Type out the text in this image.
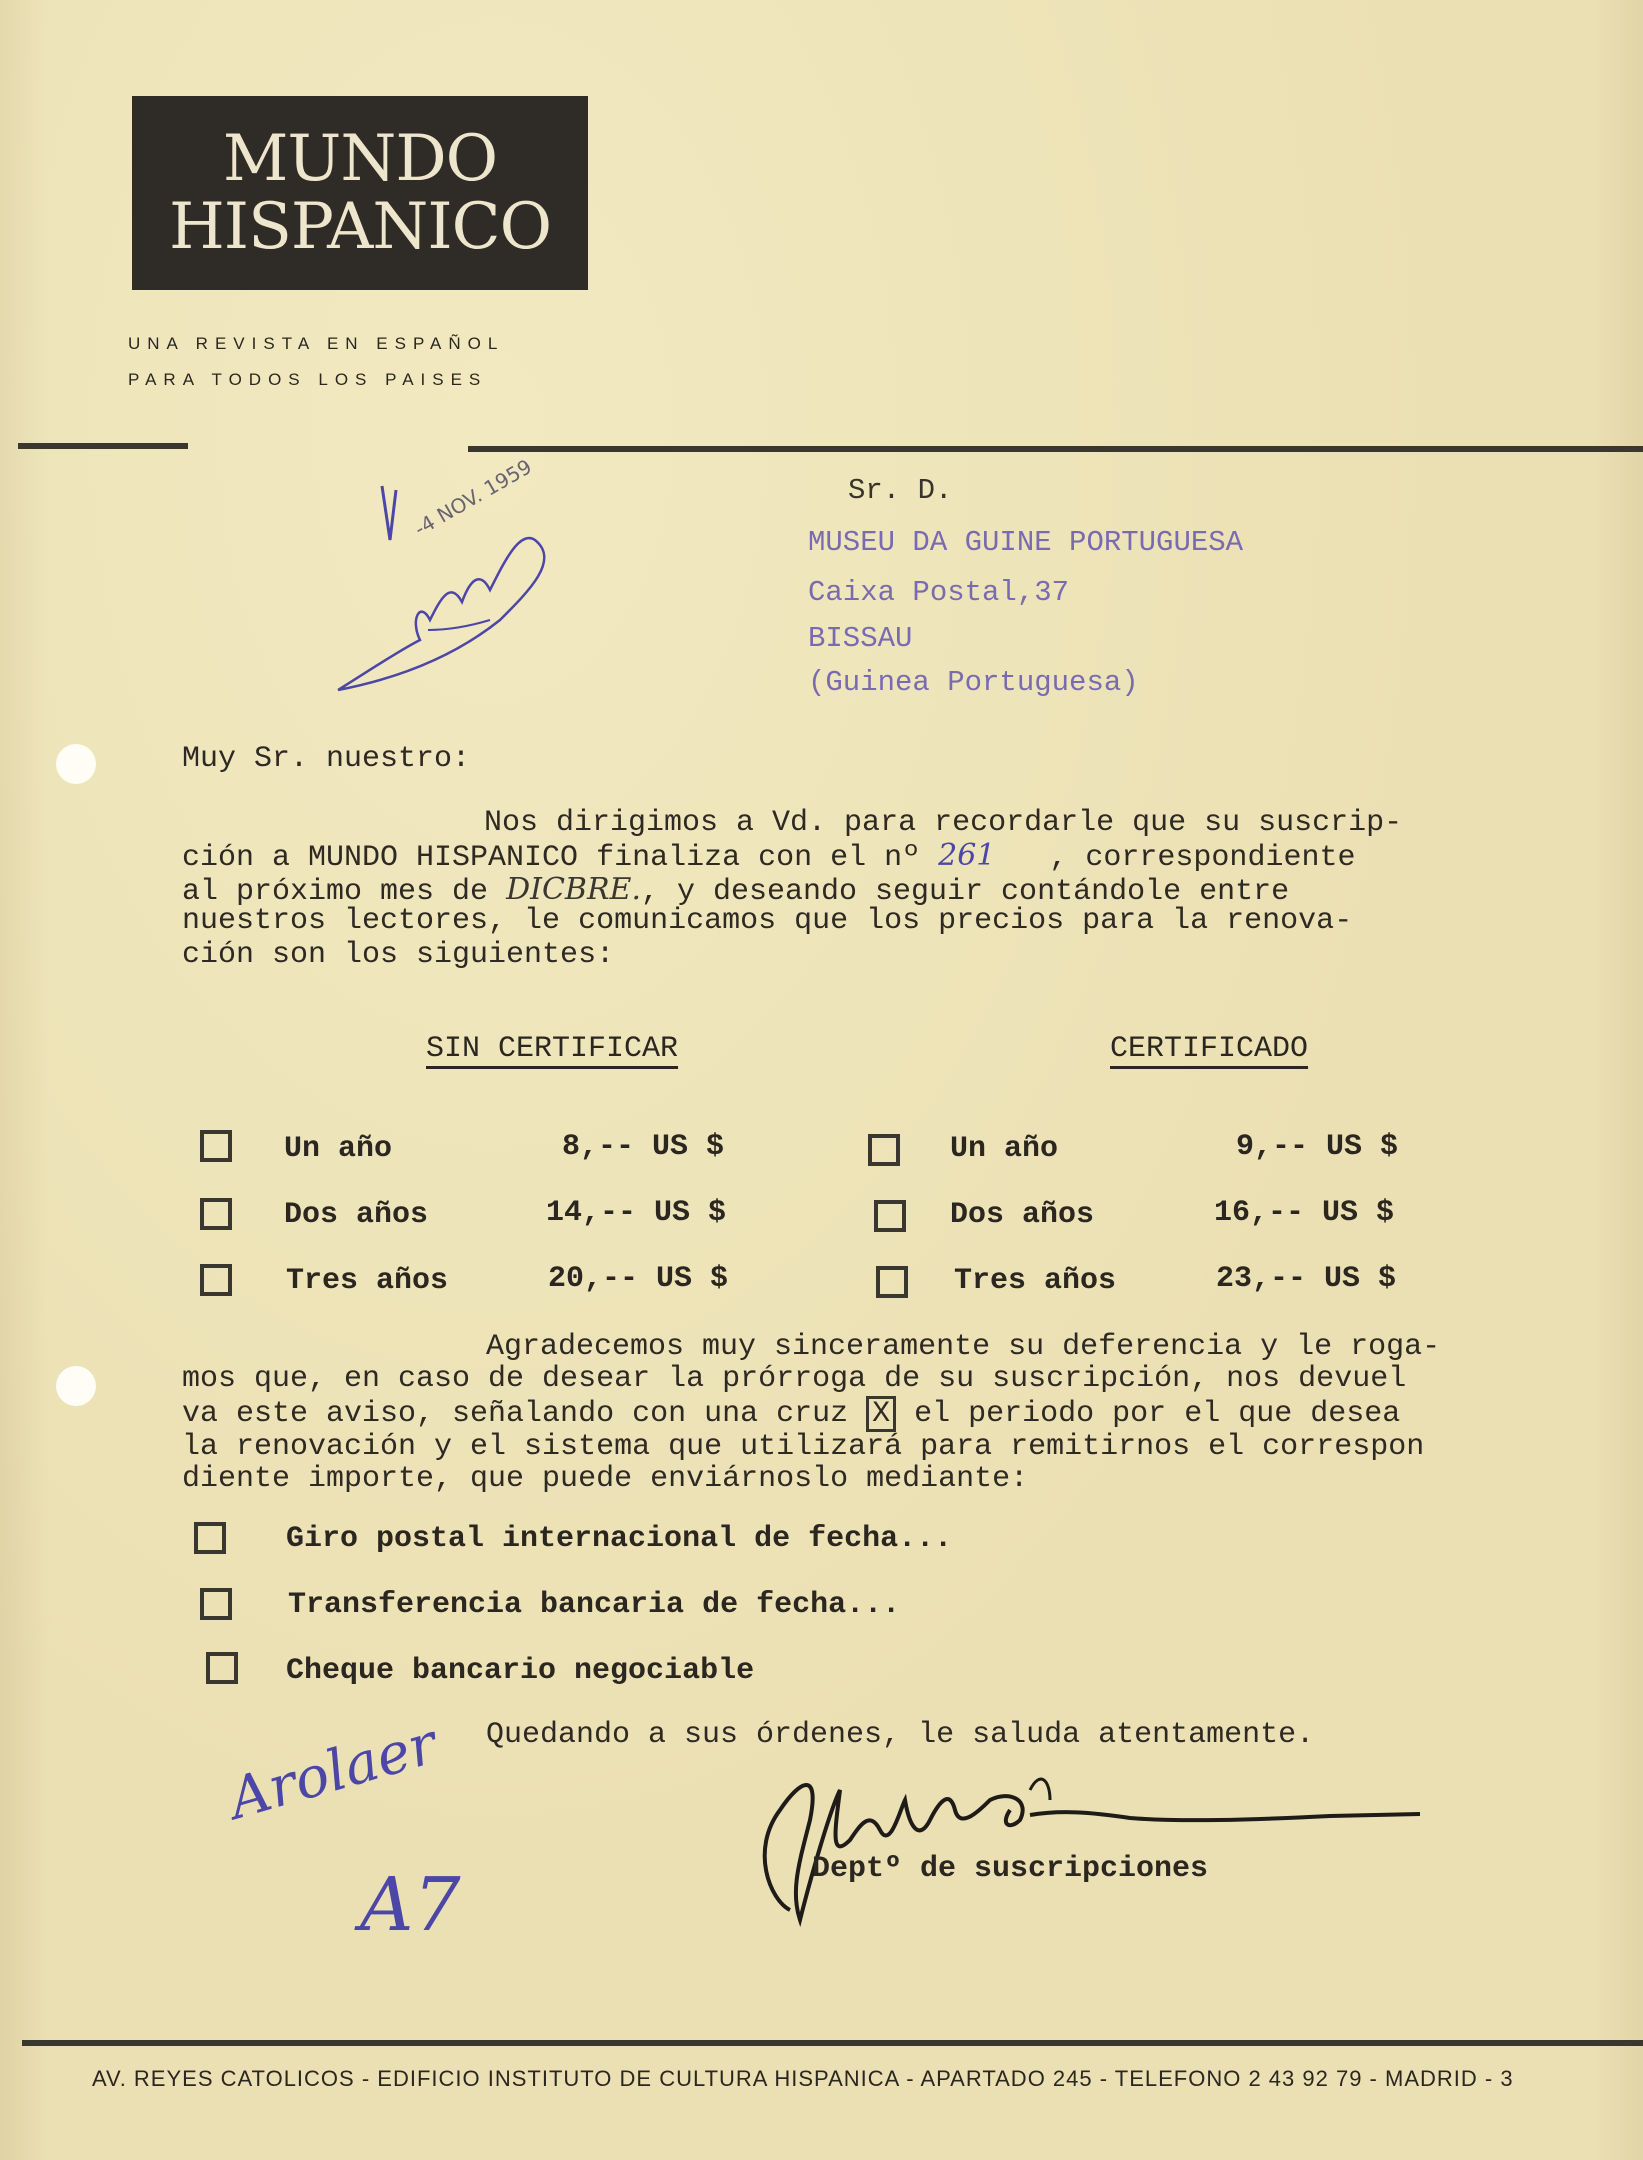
MUNDO
HISPANICO
UNA REVISTA EN ESPAÑOL
PARA TODOS LOS PAISES
-4 NOV. 1959	Sr. D.
MUSEU DA GUINE PORTUGUESA
Caixa Postal,37
BISSAU
(Guinea Portuguesa)
Muy Sr. nuestro:
Nos dirigimos a Vd. para recordarle que su suscrip-
ción a MUNDO HISPANICO finaliza con el nº 261 , correspondiente
al próximo mes de DICBRE., y deseando seguir contándole entre
nuestros lectores, le comunicamos que los precios para la renova-
ción son los siguientes:
SIN CERTIFICAR	CERTIFICADO
Un año	8,-- US $
Dos años	14,-- US $
Tres años	20,-- US $
Un año	9,-- US $
Dos años	16,-- US $
Tres años	23,-- US $
Agradecemos muy sinceramente su deferencia y le roga-
mos que, en caso de desear la prórroga de su suscripción, nos devuel
va este aviso, señalando con una cruz X el periodo por el que desea
la renovación y el sistema que utilizará para remitirnos el correspon
diente importe, que puede enviárnoslo mediante:
Giro postal internacional de fecha...
Transferencia bancaria de fecha...
Cheque bancario negociable
Quedando a sus órdenes, le saluda atentamente.
Deptº de suscripciones
Arolaer
A7
AV. REYES CATOLICOS - EDIFICIO INSTITUTO DE CULTURA HISPANICA - APARTADO 245 - TELEFONO 2 43 92 79 - MADRID - 3
